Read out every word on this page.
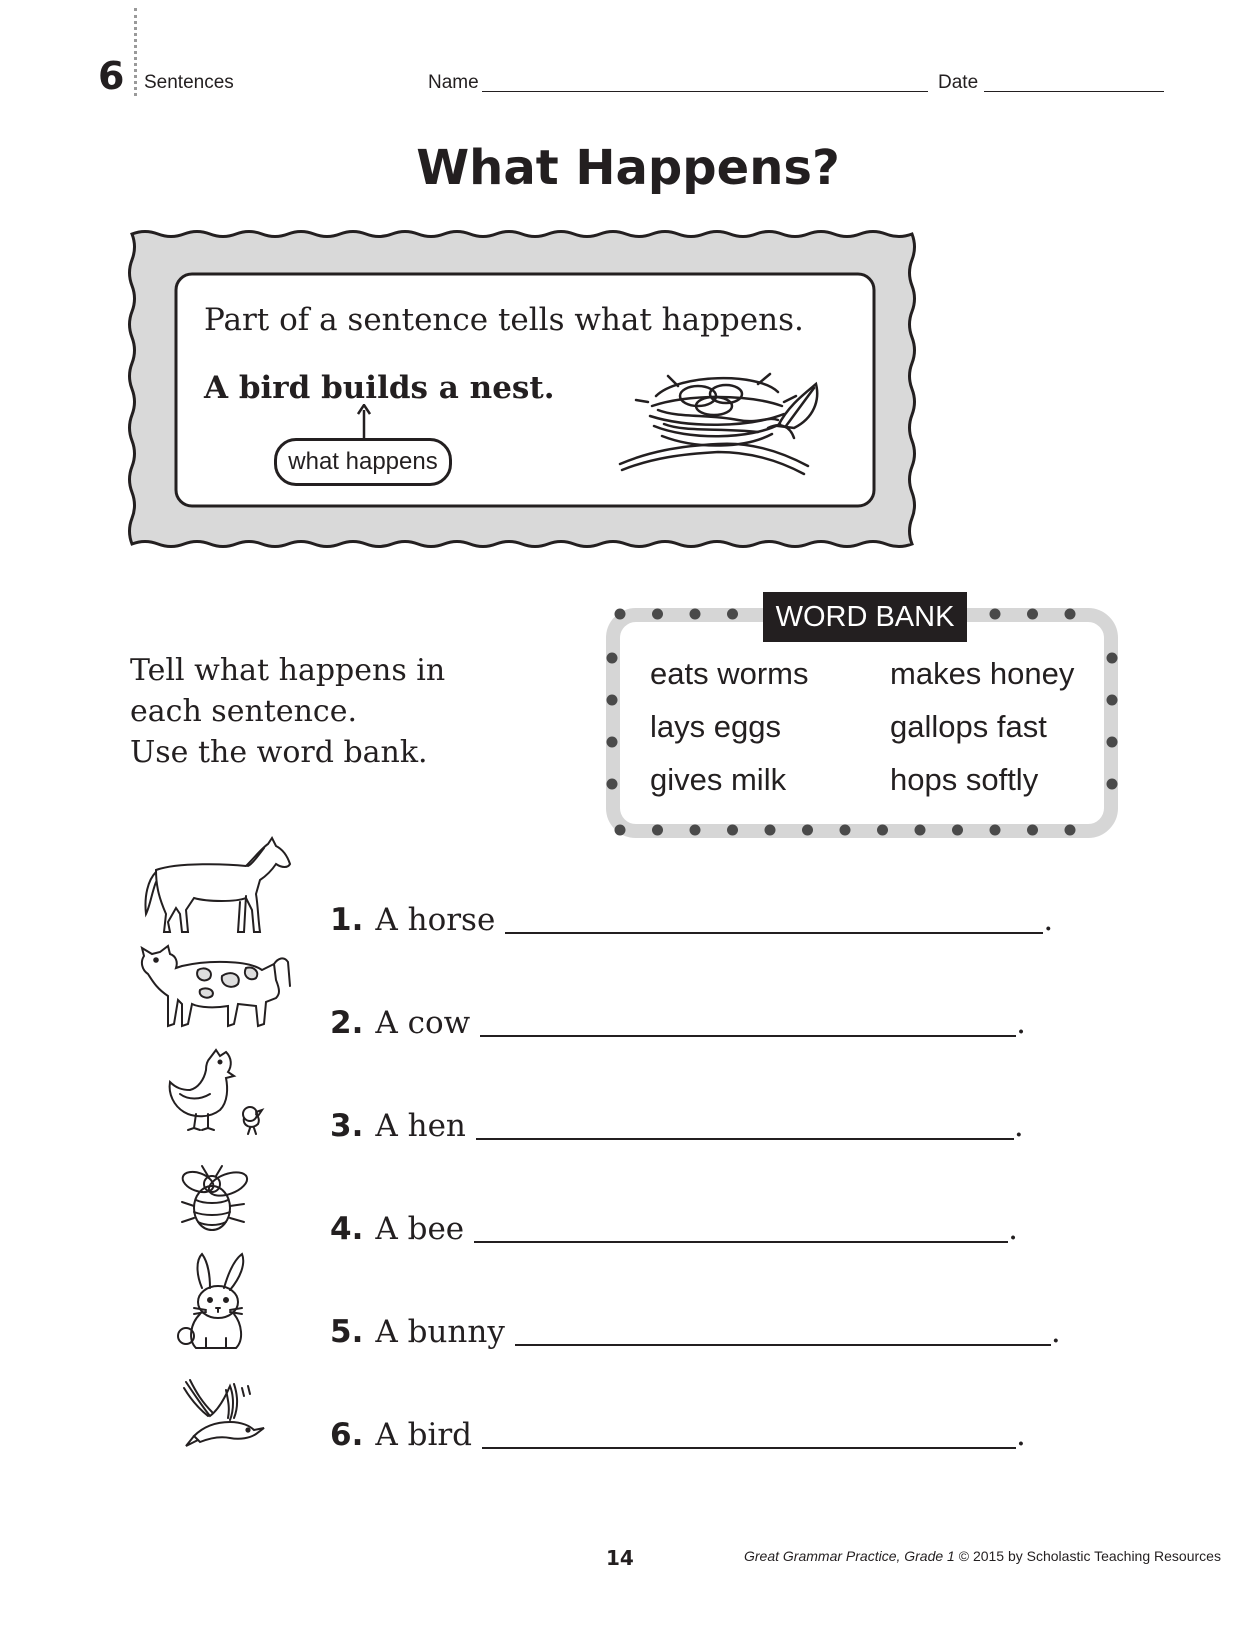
6 Sentences	Name	Date
What Happens?
Part of a sentence tells what happens.
A bird builds a nest.
what happens
Tell what happens in
each sentence.
Use the word bank.
WORD BANK
eats worms	makes honey
lays eggs	gallops fast
gives milk	hops softly
1. A horse	.
2. A cow	.
3. A hen	.
4. A bee	.
5. A bunny	.
6. A bird	.
14	Great Grammar Practice, Grade 1 © 2015 by Scholastic Teaching Resources
